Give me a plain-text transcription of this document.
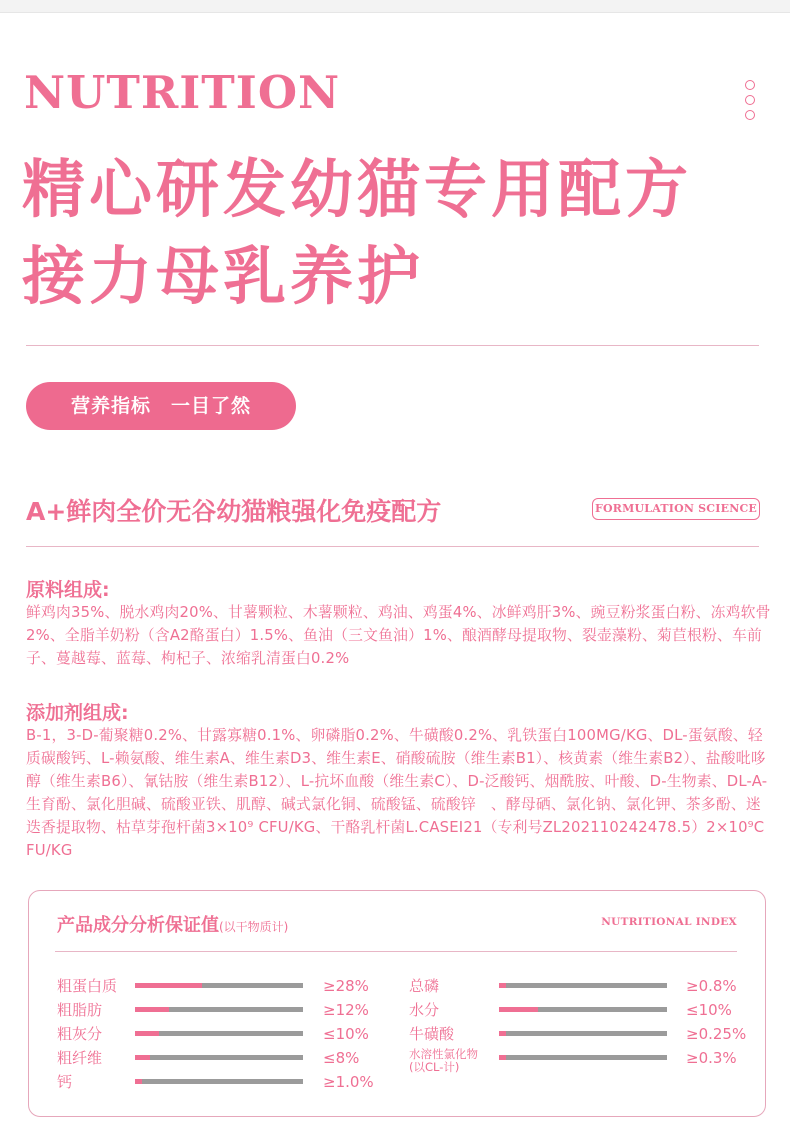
NUTRITION
精心研发幼猫专用配方
接力母乳养护
营养指标　一目了然
A+鲜肉全价无谷幼猫粮强化免疫配方	FORMULATION SCIENCE
原料组成:

鲜鸡肉35%、脱水鸡肉20%、甘薯颗粒、木薯颗粒、鸡油、鸡蛋4%、冰鲜鸡肝3%、豌豆粉浆蛋白粉、冻鸡软骨2%、全脂羊奶粉（含A2酪蛋白）1.5%、鱼油（三文鱼油）1%、酿酒酵母提取物、裂壶藻粉、菊苣根粉、车前子、蔓越莓、蓝莓、枸杞子、浓缩乳清蛋白0.2%

添加剂组成:

B-1，3-D-葡聚糖0.2%、甘露寡糖0.1%、卵磷脂0.2%、牛磺酸0.2%、乳铁蛋白100MG/KG、DL-蛋氨酸、轻质碳酸钙、L-赖氨酸、维生素A、维生素D3、维生素E、硝酸硫胺（维生素B1）、核黄素（维生素B2）、盐酸吡哆醇（维生素B6）、氰钴胺（维生素B12）、L-抗坏血酸（维生素C）、D-泛酸钙、烟酰胺、叶酸、D-生物素、DL-A-生育酚、氯化胆碱、硫酸亚铁、肌醇、碱式氯化铜、硫酸锰、硫酸锌　、酵母硒、氯化钠、氯化钾、茶多酚、迷迭香提取物、枯草芽孢杆菌3×10⁹ CFU/KG、干酪乳杆菌L.CASEI21（专利号ZL202110242478.5）2×10⁹CFU/KG

产品成分分析保证值(以干物质计)	NUTRITIONAL INDEX
粗蛋白质	≥28%
粗脂肪	≥12%
粗灰分	≤10%
粗纤维	≤8%
钙	≥1.0%
总磷	≥0.8%
水分	≤10%
牛磺酸	≥0.25%
水溶性氯化物
(以CL-计)	≥0.3%
